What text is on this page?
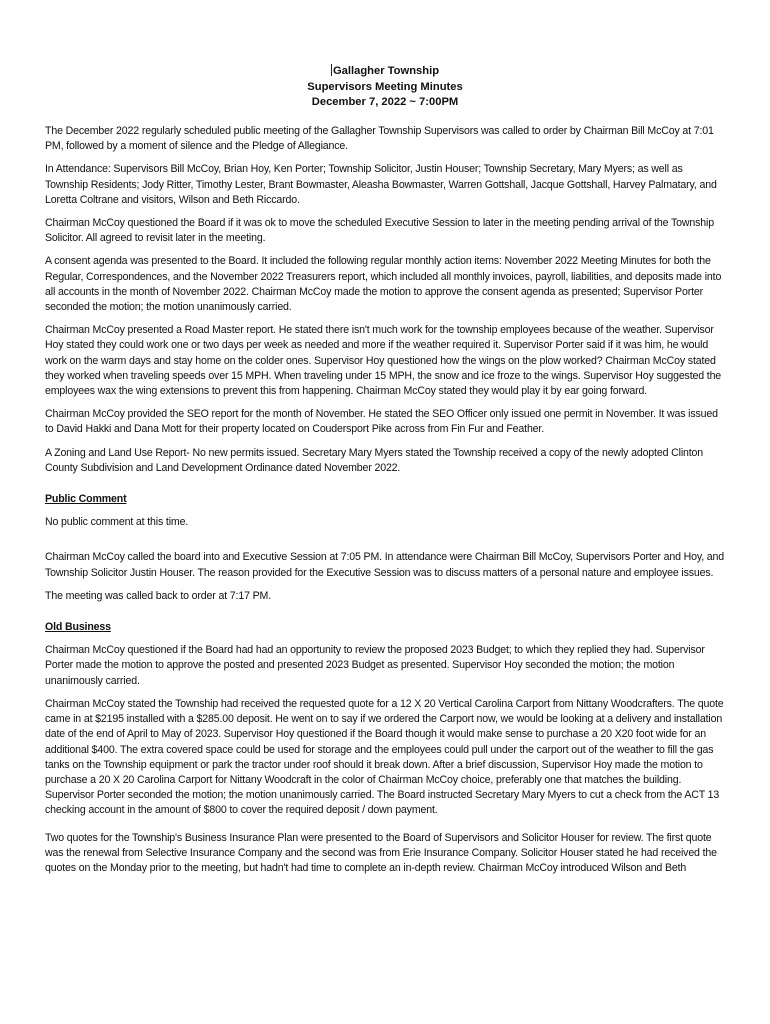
Gallagher Township
Supervisors Meeting Minutes
December 7, 2022 ~ 7:00PM

The December 2022 regularly scheduled public meeting of the Gallagher Township Supervisors was called to order by Chairman Bill McCoy at 7:01 PM, followed by a moment of silence and the Pledge of Allegiance.

In Attendance: Supervisors Bill McCoy, Brian Hoy, Ken Porter; Township Solicitor, Justin Houser; Township Secretary, Mary Myers; as well as Township Residents; Jody Ritter, Timothy Lester, Brant Bowmaster, Aleasha Bowmaster, Warren Gottshall, Jacque Gottshall, Harvey Palmatary, and Loretta Coltrane and visitors, Wilson and Beth Riccardo.

Chairman McCoy questioned the Board if it was ok to move the scheduled Executive Session to later in the meeting pending arrival of the Township Solicitor. All agreed to revisit later in the meeting.

A consent agenda was presented to the Board. It included the following regular monthly action items: November 2022 Meeting Minutes for both the Regular, Correspondences, and the November 2022 Treasurers report, which included all monthly invoices, payroll, liabilities, and deposits made into all accounts in the month of November 2022. Chairman McCoy made the motion to approve the consent agenda as presented; Supervisor Porter seconded the motion; the motion unanimously carried.

Chairman McCoy presented a Road Master report. He stated there isn't much work for the township employees because of the weather. Supervisor Hoy stated they could work one or two days per week as needed and more if the weather required it. Supervisor Porter said if it was him, he would work on the warm days and stay home on the colder ones. Supervisor Hoy questioned how the wings on the plow worked? Chairman McCoy stated they worked when traveling speeds over 15 MPH. When traveling under 15 MPH, the snow and ice froze to the wings. Supervisor Hoy suggested the employees wax the wing extensions to prevent this from happening. Chairman McCoy stated they would play it by ear going forward.

Chairman McCoy provided the SEO report for the month of November. He stated the SEO Officer only issued one permit in November. It was issued to David Hakki and Dana Mott for their property located on Coudersport Pike across from Fin Fur and Feather.

A Zoning and Land Use Report- No new permits issued. Secretary Mary Myers stated the Township received a copy of the newly adopted Clinton County Subdivision and Land Development Ordinance dated November 2022.

Public Comment

No public comment at this time.

Chairman McCoy called the board into and Executive Session at 7:05 PM. In attendance were Chairman Bill McCoy, Supervisors Porter and Hoy, and Township Solicitor Justin Houser. The reason provided for the Executive Session was to discuss matters of a personal nature and employee issues.

The meeting was called back to order at 7:17 PM.

Old Business

Chairman McCoy questioned if the Board had had an opportunity to review the proposed 2023 Budget; to which they replied they had. Supervisor Porter made the motion to approve the posted and presented 2023 Budget as presented. Supervisor Hoy seconded the motion; the motion unanimously carried.

Chairman McCoy stated the Township had received the requested quote for a 12 X 20 Vertical Carolina Carport from Nittany Woodcrafters. The quote came in at $2195 installed with a $285.00 deposit. He went on to say if we ordered the Carport now, we would be looking at a delivery and installation date of the end of April to May of 2023. Supervisor Hoy questioned if the Board though it would make sense to purchase a 20 X20 foot wide for an additional $400. The extra covered space could be used for storage and the employees could pull under the carport out of the weather to fill the gas tanks on the Township equipment or park the tractor under roof should it break down. After a brief discussion, Supervisor Hoy made the motion to purchase a 20 X 20 Carolina Carport for Nittany Woodcraft in the color of Chairman McCoy choice, preferably one that matches the building. Supervisor Porter seconded the motion; the motion unanimously carried. The Board instructed Secretary Mary Myers to cut a check from the ACT 13 checking account in the amount of $800 to cover the required deposit / down payment.

Two quotes for the Township's Business Insurance Plan were presented to the Board of Supervisors and Solicitor Houser for review. The first quote was the renewal from Selective Insurance Company and the second was from Erie Insurance Company. Solicitor Houser stated he had received the quotes on the Monday prior to the meeting, but hadn't had time to complete an in-depth review. Chairman McCoy introduced Wilson and Beth
